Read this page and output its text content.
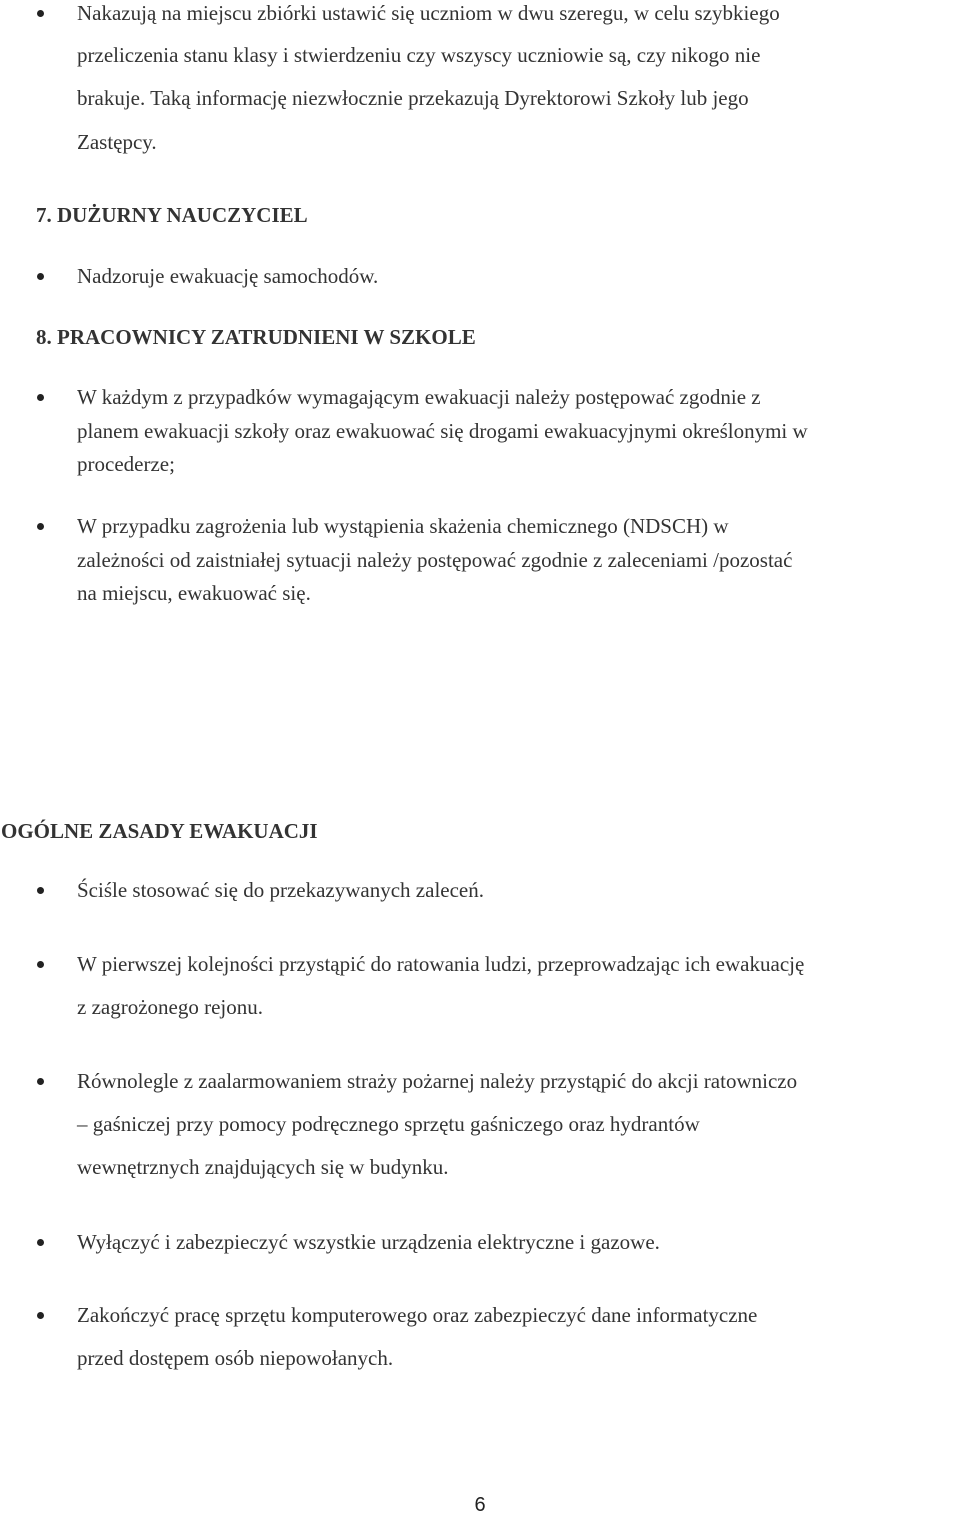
Nakazują na miejscu zbiórki ustawić się uczniom w dwu szeregu, w celu szybkiego
przeliczenia stanu klasy i stwierdzeniu czy wszyscy uczniowie są, czy nikogo nie
brakuje. Taką informację niezwłocznie przekazują Dyrektorowi Szkoły lub jego
Zastępcy.
7. DUŻURNY NAUCZYCIEL
Nadzoruje ewakuację samochodów.
8. PRACOWNICY ZATRUDNIENI W SZKOLE
W każdym z przypadków wymagającym ewakuacji należy postępować zgodnie z
planem ewakuacji szkoły oraz ewakuować się drogami ewakuacyjnymi określonymi w
procederze;
W przypadku zagrożenia lub wystąpienia skażenia chemicznego (NDSCH) w
zależności od zaistniałej sytuacji należy postępować zgodnie z zaleceniami /pozostać
na miejscu, ewakuować się.
OGÓLNE ZASADY EWAKUACJI
Ściśle stosować się do przekazywanych zaleceń.
W pierwszej kolejności przystąpić do ratowania ludzi, przeprowadzając ich ewakuację
z zagrożonego rejonu.
Równolegle z zaalarmowaniem straży pożarnej należy przystąpić do akcji ratowniczo
– gaśniczej przy pomocy podręcznego sprzętu gaśniczego oraz hydrantów
wewnętrznych znajdujących się w budynku.
Wyłączyć i zabezpieczyć wszystkie urządzenia elektryczne i gazowe.
Zakończyć pracę sprzętu komputerowego oraz zabezpieczyć dane informatyczne
przed dostępem osób niepowołanych.
6
